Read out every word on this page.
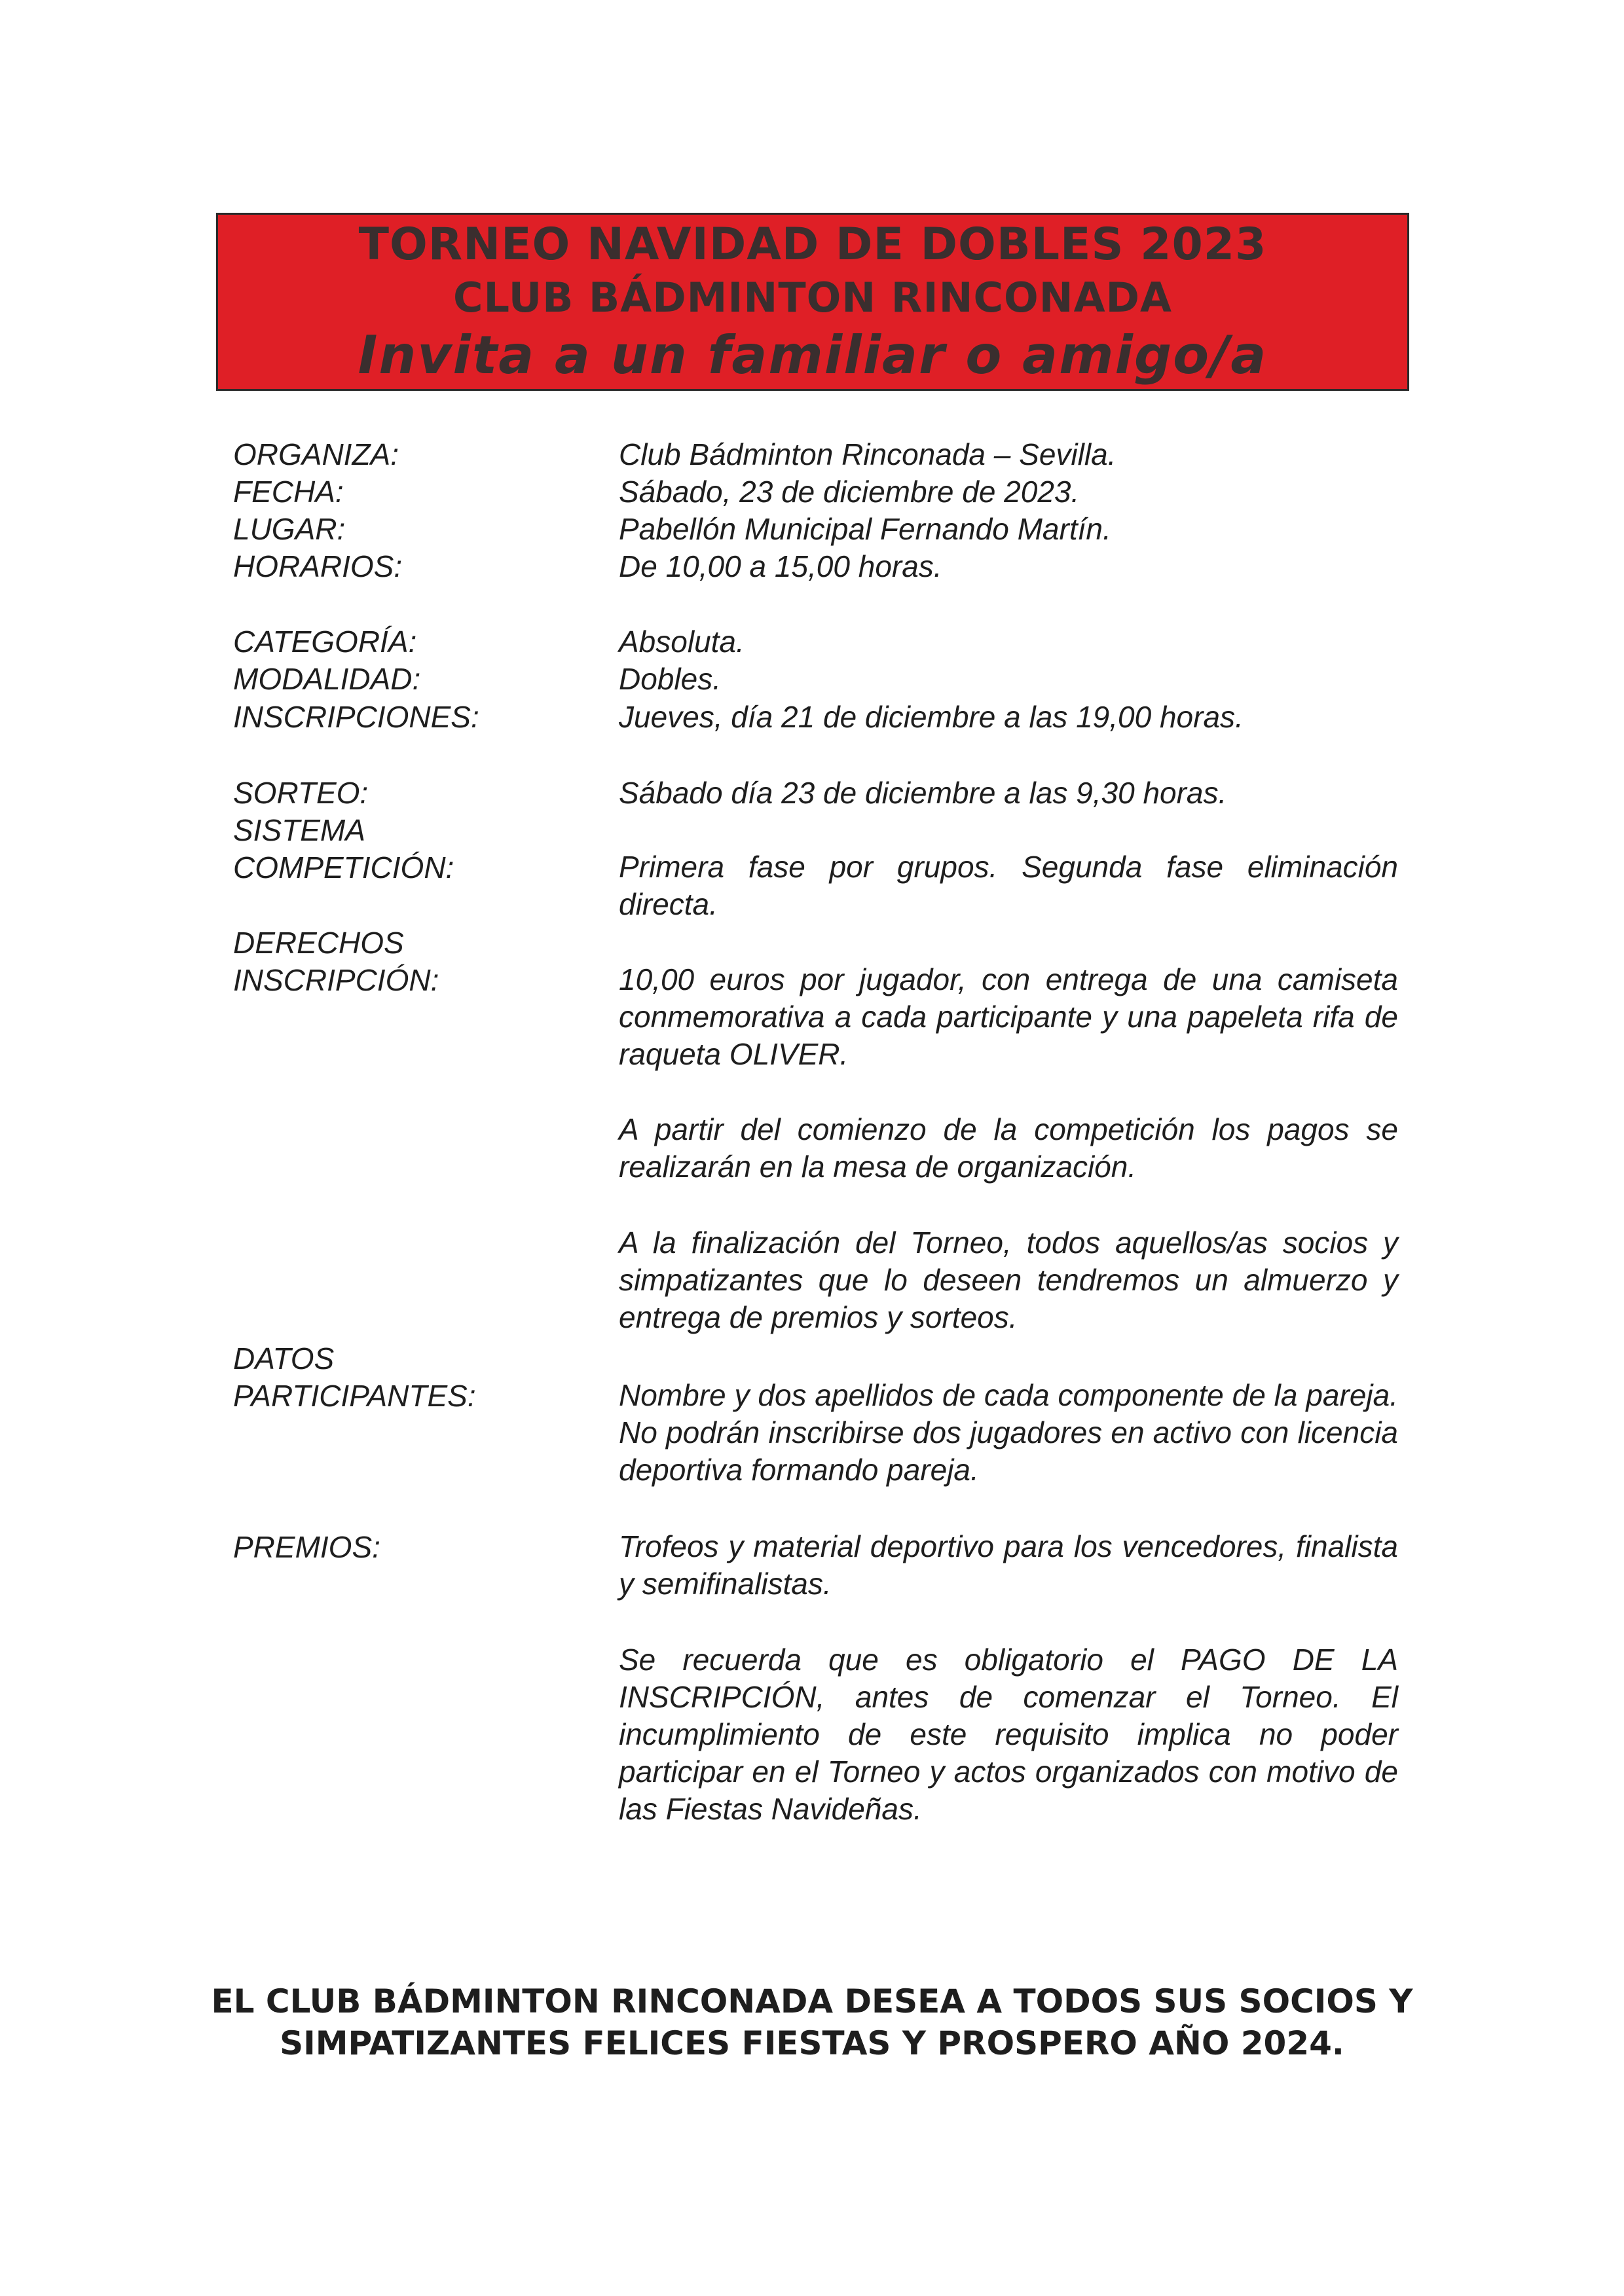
TORNEO NAVIDAD DE DOBLES 2023
CLUB BÁDMINTON RINCONADA
Invita a un familiar o amigo/a
ORGANIZA:	Club Bádminton Rinconada – Sevilla.
FECHA:	Sábado, 23 de diciembre de 2023.
LUGAR:	Pabellón Municipal Fernando Martín.
HORARIOS:	De 10,00 a 15,00 horas.
CATEGORÍA:	Absoluta.
MODALIDAD:	Dobles.
INSCRIPCIONES:	Jueves, día 21 de diciembre a las 19,00 horas.
SORTEO:	Sábado día 23 de diciembre a las 9,30 horas.
SISTEMA
COMPETICIÓN:	Primera fase por grupos. Segunda fase eliminación directa.
DERECHOS
INSCRIPCIÓN:	10,00 euros por jugador, con entrega de una camiseta conmemorativa a cada participante y una papeleta rifa de raqueta OLIVER.
A partir del comienzo de la competición los pagos se realizarán en la mesa de organización.
A la finalización del Torneo, todos aquellos/as socios y simpatizantes que lo deseen tendremos un almuerzo y entrega de premios y sorteos.
DATOS
PARTICIPANTES:	Nombre y dos apellidos de cada componente de la pareja. No podrán inscribirse dos jugadores en activo con licencia deportiva formando pareja.
PREMIOS:	Trofeos y material deportivo para los vencedores, finalista y semifinalistas.
Se recuerda que es obligatorio el PAGO DE LA INSCRIPCIÓN, antes de comenzar el Torneo. El incumplimiento de este requisito implica no poder participar en el Torneo y actos organizados con motivo de las Fiestas Navideñas.
EL CLUB BÁDMINTON RINCONADA DESEA A TODOS SUS SOCIOS Y
SIMPATIZANTES FELICES FIESTAS Y PROSPERO AÑO 2024.
